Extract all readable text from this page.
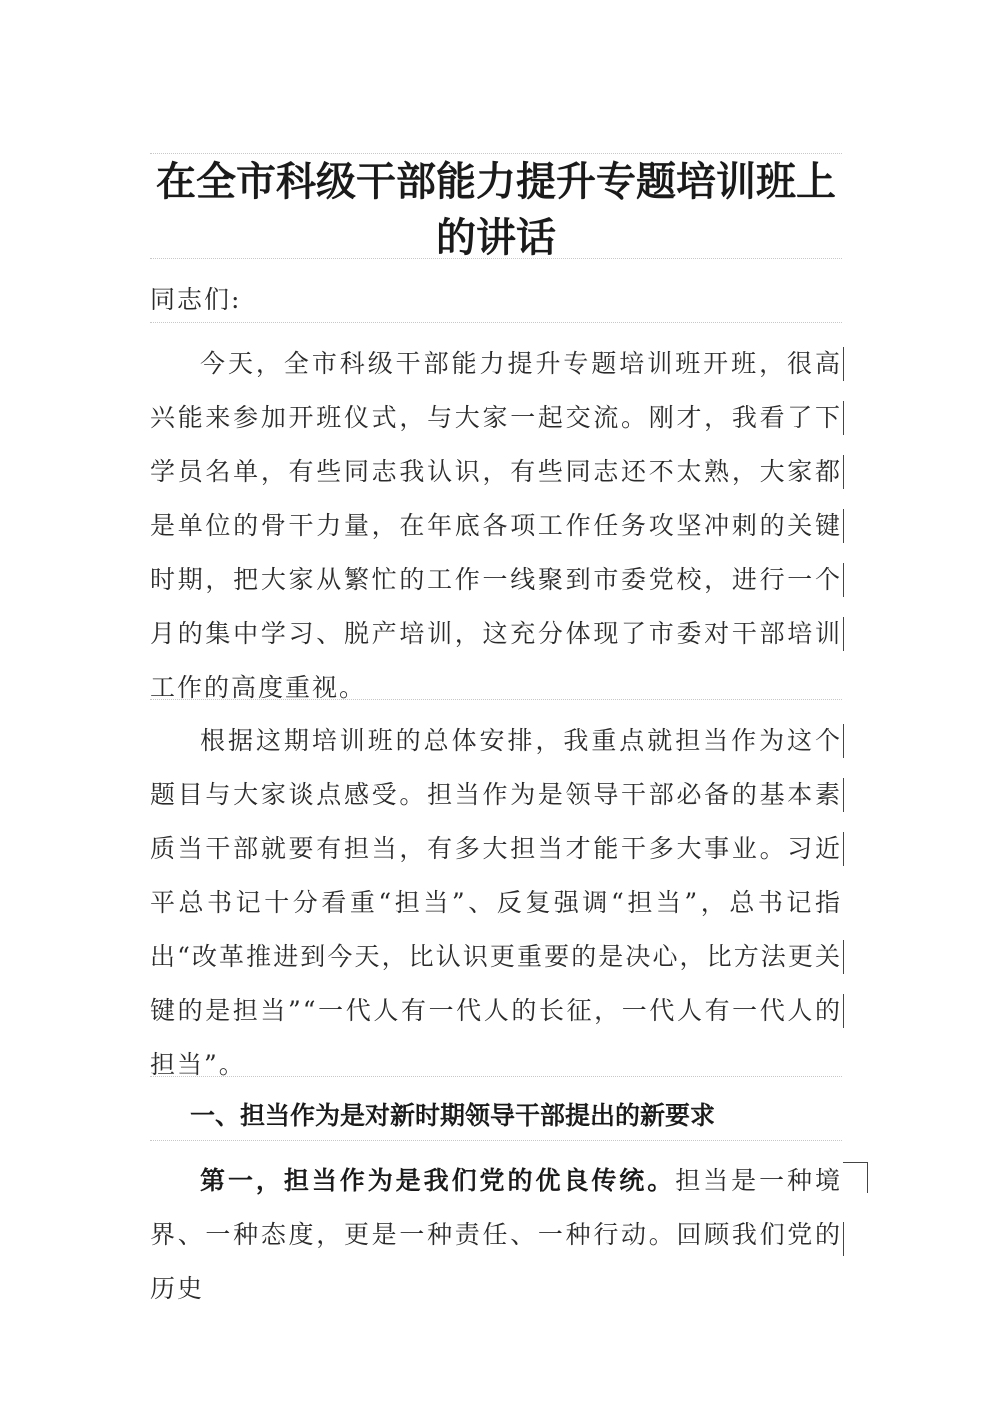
在全市科级干部能力提升专题培训班上的讲话
同志们:
今天，全市科级干部能力提升专题培训班开班，很高兴能来参加开班仪式，与大家一起交流。刚才，我看了下学员名单，有些同志我认识，有些同志还不太熟，大家都是单位的骨干力量，在年底各项工作任务攻坚冲刺的关键时期，把大家从繁忙的工作一线聚到市委党校，进行一个月的集中学习、脱产培训，这充分体现了市委对干部培训工作的高度重视。
根据这期培训班的总体安排，我重点就担当作为这个题目与大家谈点感受。担当作为是领导干部必备的基本素质当干部就要有担当，有多大担当才能干多大事业。习近平总书记十分看重“担当”、反复强调“担当”，总书记指出“改革推进到今天，比认识更重要的是决心，比方法更关键的是担当”“一代人有一代人的长征，一代人有一代人的担当”。
一、担当作为是对新时期领导干部提出的新要求
第一，担当作为是我们党的优良传统。担当是一种境界、一种态度，更是一种责任、一种行动。回顾我们党的历史
